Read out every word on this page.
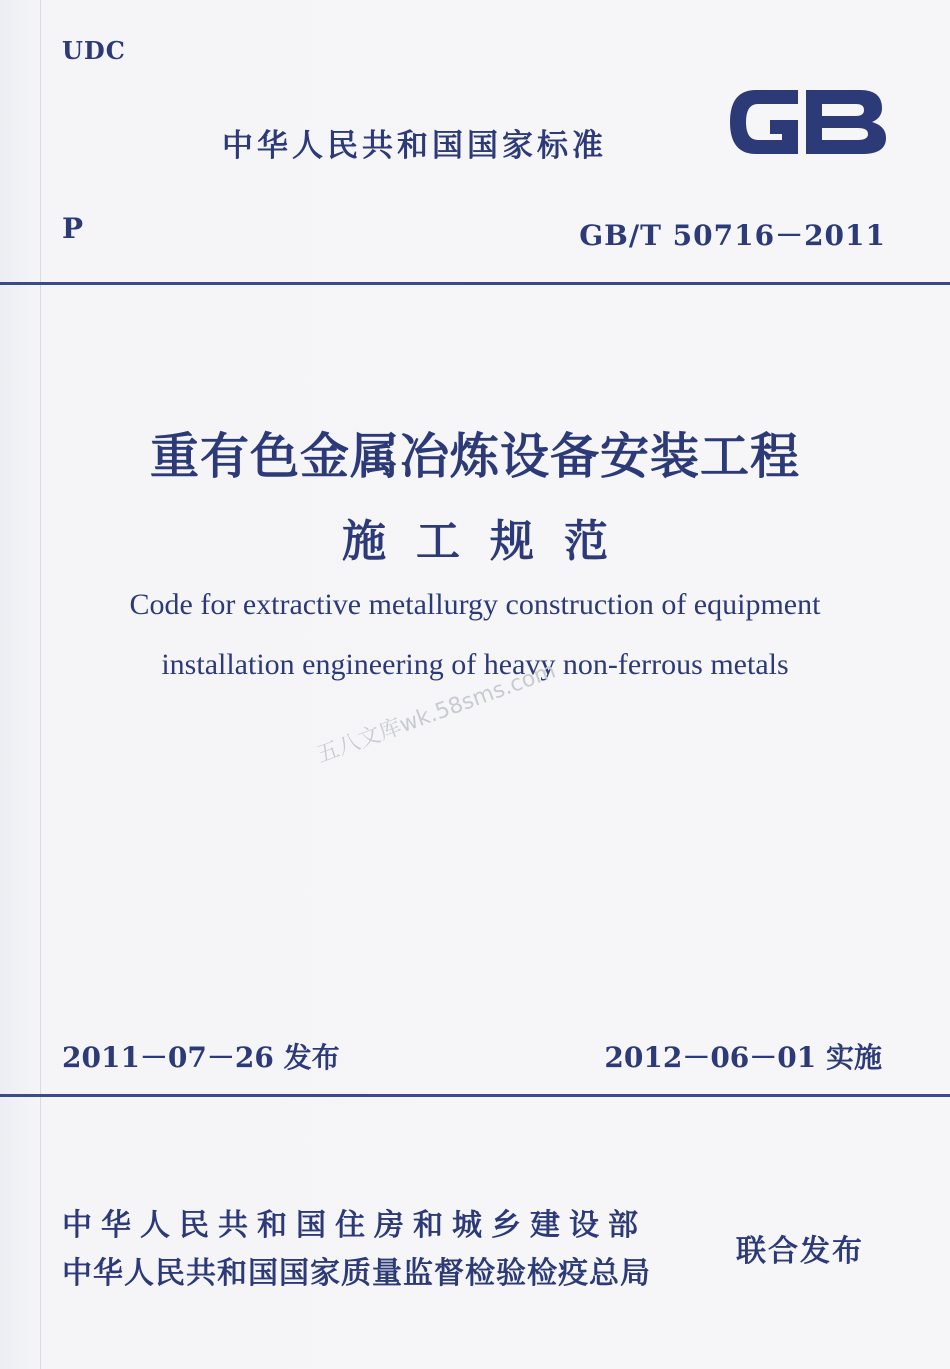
UDC
中华人民共和国国家标准
P	GB/T 50716－2011
重有色金属冶炼设备安装工程
施工规范
Code for extractive metallurgy construction of equipment
installation engineering of heavy non-ferrous metals
五八文库wk.58sms.com
2011－07－26 发布	2012－06－01 实施
中华人民共和国住房和城乡建设部
中华人民共和国国家质量监督检验检疫总局
联合发布
